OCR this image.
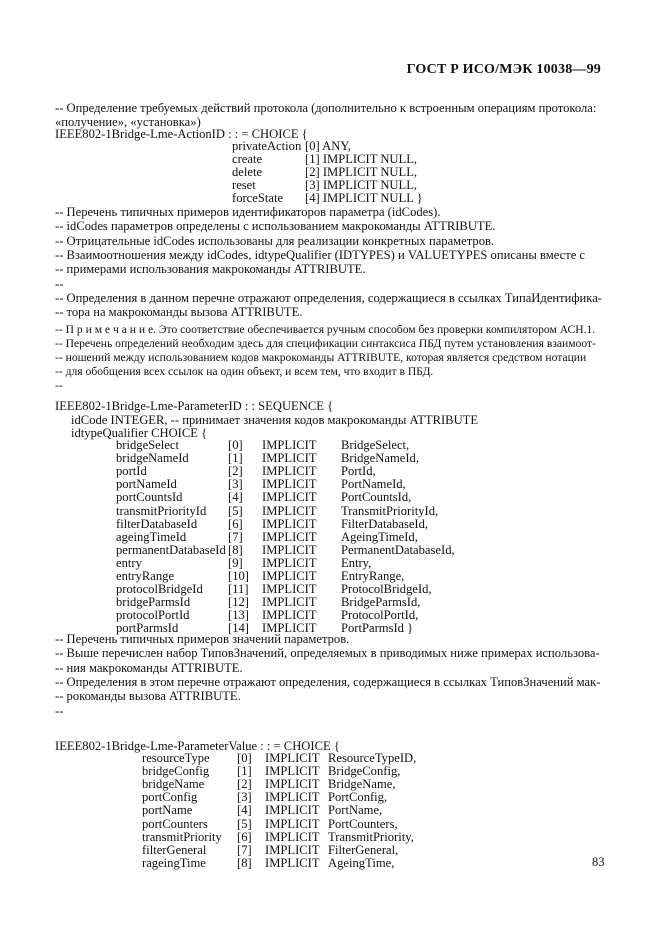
ГОСТ Р ИСО/МЭК 10038—99
-- Определение требуемых действий протокола (дополнительно к встроенным операциям протокола:
«получение», «установка»)
IEEE802-1Bridge-Lme-ActionID : : = CHOICE {
privateAction [0] ANY,
create	[1] IMPLICIT NULL,
delete	[2] IMPLICIT NULL,
reset	[3] IMPLICIT NULL,
forceState [4] IMPLICIT NULL }
-- Перечень типичных примеров идентификаторов параметра (idCodes).
-- idCodes параметров определены с использованием макрокоманды ATTRIBUTE.
-- Отрицательные idCodes использованы для реализации конкретных параметров.
-- Взаимоотношения между idCodes, idtypeQualifier (IDTYPES) и VALUETYPES описаны вместе с
-- примерами использования макрокоманды ATTRIBUTE.
--
-- Определения в данном перечне отражают определения, содержащиеся в ссылках ТипаИдентифика-
-- тора на макрокоманды вызова ATTRIBUTE.
-- П р и м е ч а н и е. Это соответствие обеспечивается ручным способом без проверки компилятором АСН.1.
-- Перечень определений необходим здесь для спецификации синтаксиса ПБД путем установления взаимоот-
-- ношений между использованием кодов макрокоманды ATTRIBUTE, которая является средством нотации
-- для обобщения всех ссылок на один объект, и всем тем, что входит в ПБД.
--
IEEE802-1Bridge-Lme-ParameterID : : SEQUENCE {
idCode INTEGER, -- принимает значения кодов макрокоманды ATTRIBUTE
idtypeQualifier CHOICE {
bridgeSelect	[0] IMPLICIT BridgeSelect,
bridgeNameId	[1] IMPLICIT BridgeNameId,
portId	[2] IMPLICIT PortId,
portNameId	[3] IMPLICIT PortNameId,
portCountsId	[4] IMPLICIT PortCountsId,
transmitPriorityId [5] IMPLICIT TransmitPriorityId,
filterDatabaseId [6] IMPLICIT FilterDatabaseId,
ageingTimeId	[7] IMPLICIT AgeingTimeId,
permanentDatabaseId [8] IMPLICIT PermanentDatabaseId,
entry	[9] IMPLICIT Entry,
entryRange	[10] IMPLICIT EntryRange,
protocolBridgeId [11] IMPLICIT ProtocolBridgeId,
bridgeParmsId	[12] IMPLICIT BridgeParmsId,
protocolPortId	[13] IMPLICIT ProtocolPortId,
portParmsId	[14] IMPLICIT PortParmsId }
-- Перечень типичных примеров значений параметров.
-- Выше перечислен набор ТиповЗначений, определяемых в приводимых ниже примерах использова-
-- ния макрокоманды ATTRIBUTE.
-- Определения в этом перечне отражают определения, содержащиеся в ссылках ТиповЗначений мак-
-- рокоманды вызова ATTRIBUTE.
--
IEEE802-1Bridge-Lme-ParameterValue : : = CHOICE {
resourceType [0] IMPLICIT ResourceTypeID,
bridgeConfig [1] IMPLICIT BridgeConfig,
bridgeName	[2] IMPLICIT BridgeName,
portConfig	[3] IMPLICIT PortConfig,
portName	[4] IMPLICIT PortName,
portCounters [5] IMPLICIT PortCounters,
transmitPriority [6] IMPLICIT TransmitPriority,
filterGeneral [7] IMPLICIT FilterGeneral,
rageingTime [8] IMPLICIT AgeingTime,	83
